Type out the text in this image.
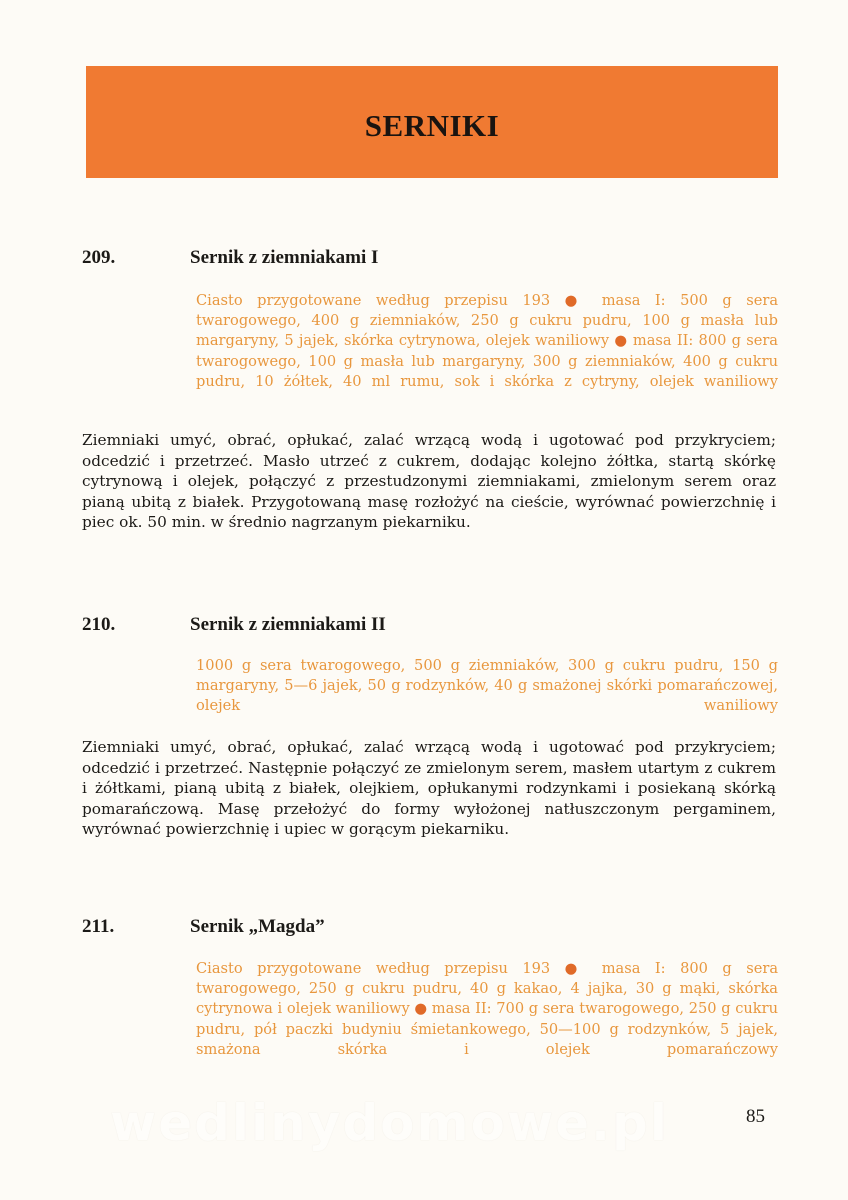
SERNIKI
209.	Sernik z ziemniakami I
Ciasto przygotowane według przepisu 193 ● masa I: 500 g sera twarogowego, 400 g ziemniaków, 250 g cukru pudru, 100 g masła lub margaryny, 5 jajek, skórka cytrynowa, olejek waniliowy ● masa II: 800 g sera twarogowego, 100 g masła lub margaryny, 300 g ziemniaków, 400 g cukru pudru, 10 żółtek, 40 ml rumu, sok i skórka z cytryny, olejek waniliowy
Ziemniaki umyć, obrać, opłukać, zalać wrzącą wodą i ugotować pod przykryciem; odcedzić i przetrzeć. Masło utrzeć z cukrem, dodając kolejno żółtka, startą skórkę cytrynową i olejek, połączyć z przestudzonymi ziemniakami, zmielonym serem oraz pianą ubitą z białek. Przygotowaną masę rozłożyć na cieście, wyrównać powierzchnię i piec ok. 50 min. w średnio nagrzanym piekarniku.
210.	Sernik z ziemniakami II
1000 g sera twarogowego, 500 g ziemniaków, 300 g cukru pudru, 150 g margaryny, 5—6 jajek, 50 g rodzynków, 40 g smażonej skórki pomarańczowej, olejek waniliowy
Ziemniaki umyć, obrać, opłukać, zalać wrzącą wodą i ugotować pod przykryciem; odcedzić i przetrzeć. Następnie połączyć ze zmielonym serem, masłem utartym z cukrem i żółtkami, pianą ubitą z białek, olejkiem, opłukanymi rodzynkami i posiekaną skórką pomarańczową. Masę przełożyć do formy wyłożonej natłuszczonym pergaminem, wyrównać powierzchnię i upiec w gorącym piekarniku.
211.	Sernik „Magda”
Ciasto przygotowane według przepisu 193 ● masa I: 800 g sera twarogowego, 250 g cukru pudru, 40 g kakao, 4 jajka, 30 g mąki, skórka cytrynowa i olejek waniliowy ● masa II: 700 g sera twarogowego, 250 g cukru pudru, pół paczki budyniu śmietankowego, 50—100 g rodzynków, 5 jajek, smażona skórka i olejek pomarańczowy
wedlinydomowe.pl	85
